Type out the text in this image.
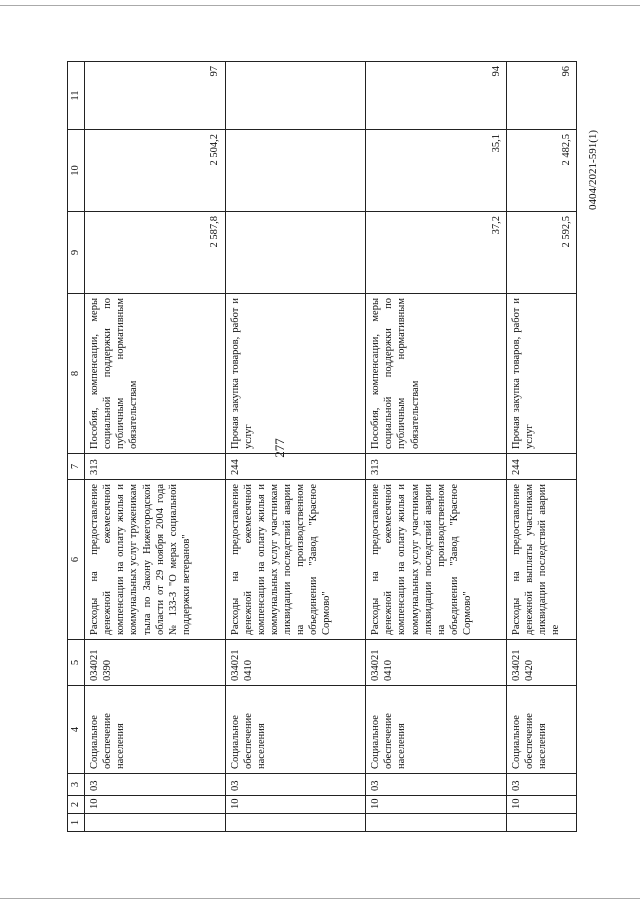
277
0404/2021-591(1)
1	2	3	4	5	6	7	8	9	10	11
	10	03	Социальное обеспечение населения	034021 0390	Расходы на предоставление денежной ежемесячной компенсации на оплату жилья и коммунальных услуг труженикам тыла по Закону Нижегородской области от 29 ноября 2004 года № 133-З "О мерах социальной поддержки ветеранов"	313	Пособия, компенсации, меры социальной поддержки по публичным нормативным обязательствам	2 587,8	2 504,2	97
	10	03	Социальное обеспечение населения	034021 0410	Расходы на предоставление денежной ежемесячной компенсации на оплату жилья и коммунальных услуг участникам ликвидации последствий аварии на производственном объединении "Завод "Красное Сормово"	244	Прочая закупка товаров, работ и услуг			
	10	03	Социальное обеспечение населения	034021 0410	Расходы на предоставление денежной ежемесячной компенсации на оплату жилья и коммунальных услуг участникам ликвидации последствий аварии на производственном объединении "Завод "Красное Сормово"	313	Пособия, компенсации, меры социальной поддержки по публичным нормативным обязательствам	37,2	35,1	94
	10	03	Социальное обеспечение населения	034021 0420	Расходы на предоставление денежной выплаты участникам ликвидации последствий аварии не	244	Прочая закупка товаров, работ и услуг	2 592,5	2 482,5	96
